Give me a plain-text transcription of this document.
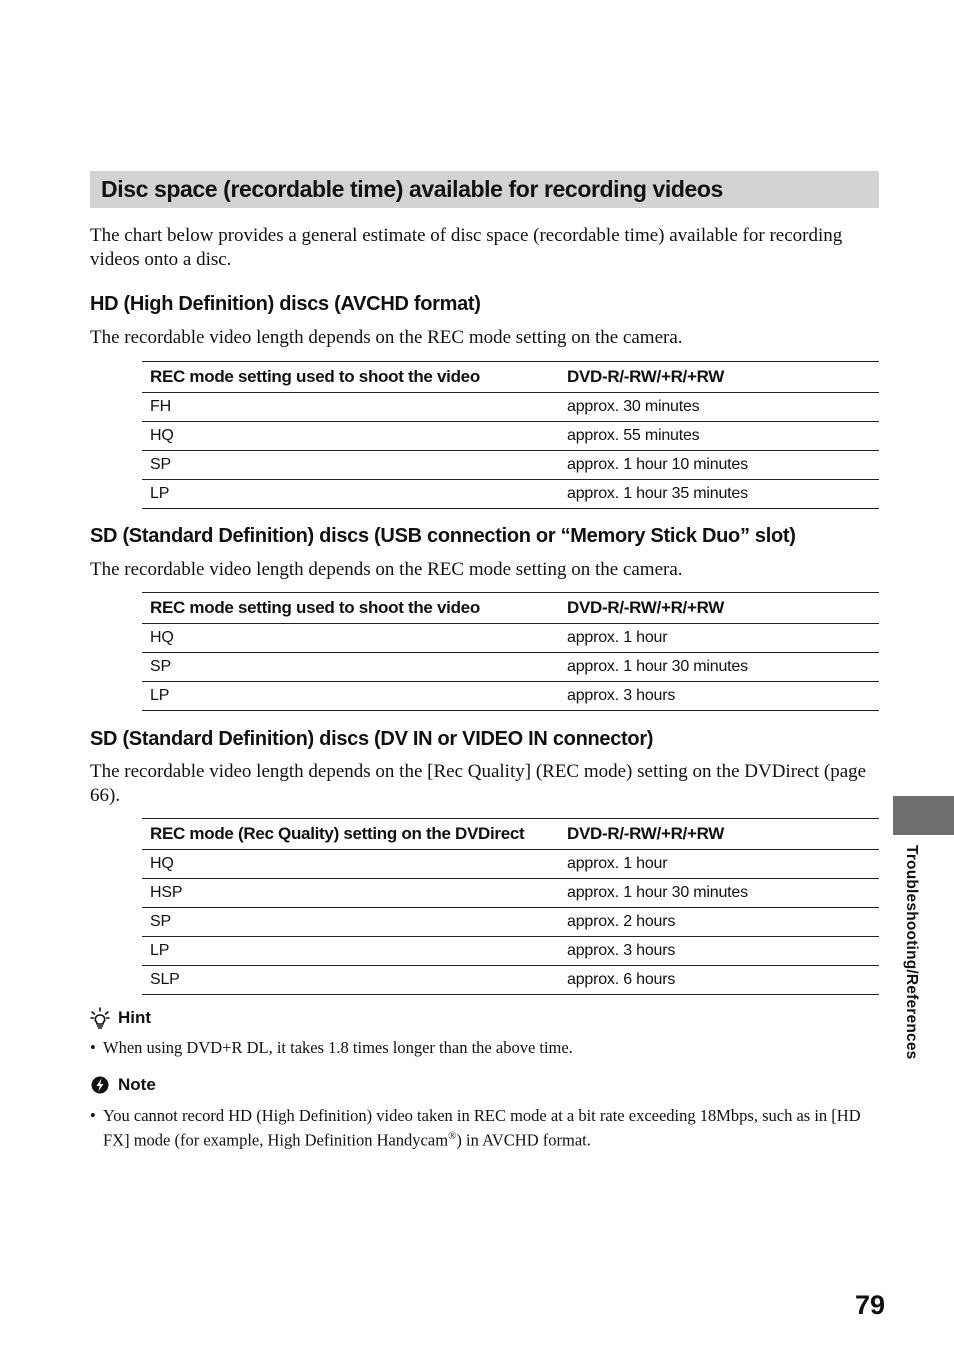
Disc space (recordable time) available for recording videos

The chart below provides a general estimate of disc space (recordable time) available for recording videos onto a disc.

HD (High Definition) discs (AVCHD format)

The recordable video length depends on the REC mode setting on the camera.

REC mode setting used to shoot the video	DVD-R/-RW/+R/+RW
FH	approx. 30 minutes
HQ	approx. 55 minutes
SP	approx. 1 hour 10 minutes
LP	approx. 1 hour 35 minutes
SD (Standard Definition) discs (USB connection or “Memory Stick Duo” slot)

The recordable video length depends on the REC mode setting on the camera.

REC mode setting used to shoot the video	DVD-R/-RW/+R/+RW
HQ	approx. 1 hour
SP	approx. 1 hour 30 minutes
LP	approx. 3 hours
SD (Standard Definition) discs (DV IN or VIDEO IN connector)

The recordable video length depends on the [Rec Quality] (REC mode) setting on the DVDirect (page 66).

REC mode (Rec Quality) setting on the DVDirect	DVD-R/-RW/+R/+RW
HQ	approx. 1 hour
HSP	approx. 1 hour 30 minutes
SP	approx. 2 hours
LP	approx. 3 hours
SLP	approx. 6 hours
Hint
• When using DVD+R DL, it takes 1.8 times longer than the above time.
Note
• You cannot record HD (High Definition) video taken in REC mode at a bit rate exceeding 18Mbps, such as in [HD FX] mode (for example, High Definition Handycam®) in AVCHD format.
Troubleshooting/References
79
